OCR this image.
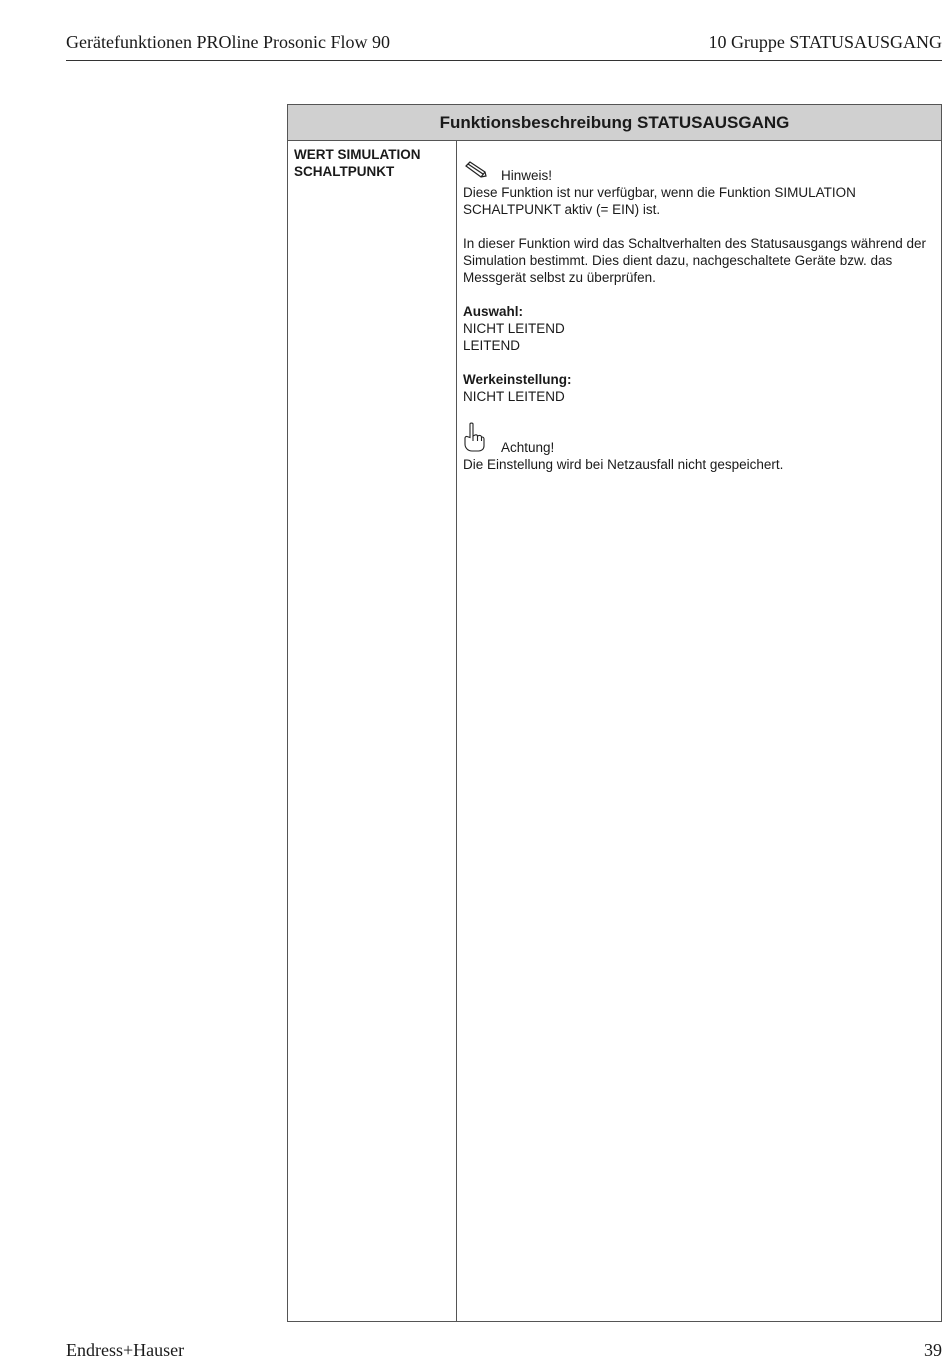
Gerätefunktionen PROline Prosonic Flow 90	10 Gruppe STATUSAUSGANG
Funktionsbeschreibung STATUSAUSGANG
WERT SIMULATION SCHALTPUNKT	Hinweis!

Diese Funktion ist nur verfügbar, wenn die Funktion SIMULATION SCHALTPUNKT aktiv (= EIN) ist.

In dieser Funktion wird das Schaltverhalten des Statusausgangs während der Simulation bestimmt. Dies dient dazu, nachgeschaltete Geräte bzw. das Messgerät selbst zu überprüfen.

Auswahl:
NICHT LEITEND
LEITEND
Werkeinstellung:
NICHT LEITEND
Achtung!

Die Einstellung wird bei Netzausfall nicht gespeichert.

Endress+Hauser	39
